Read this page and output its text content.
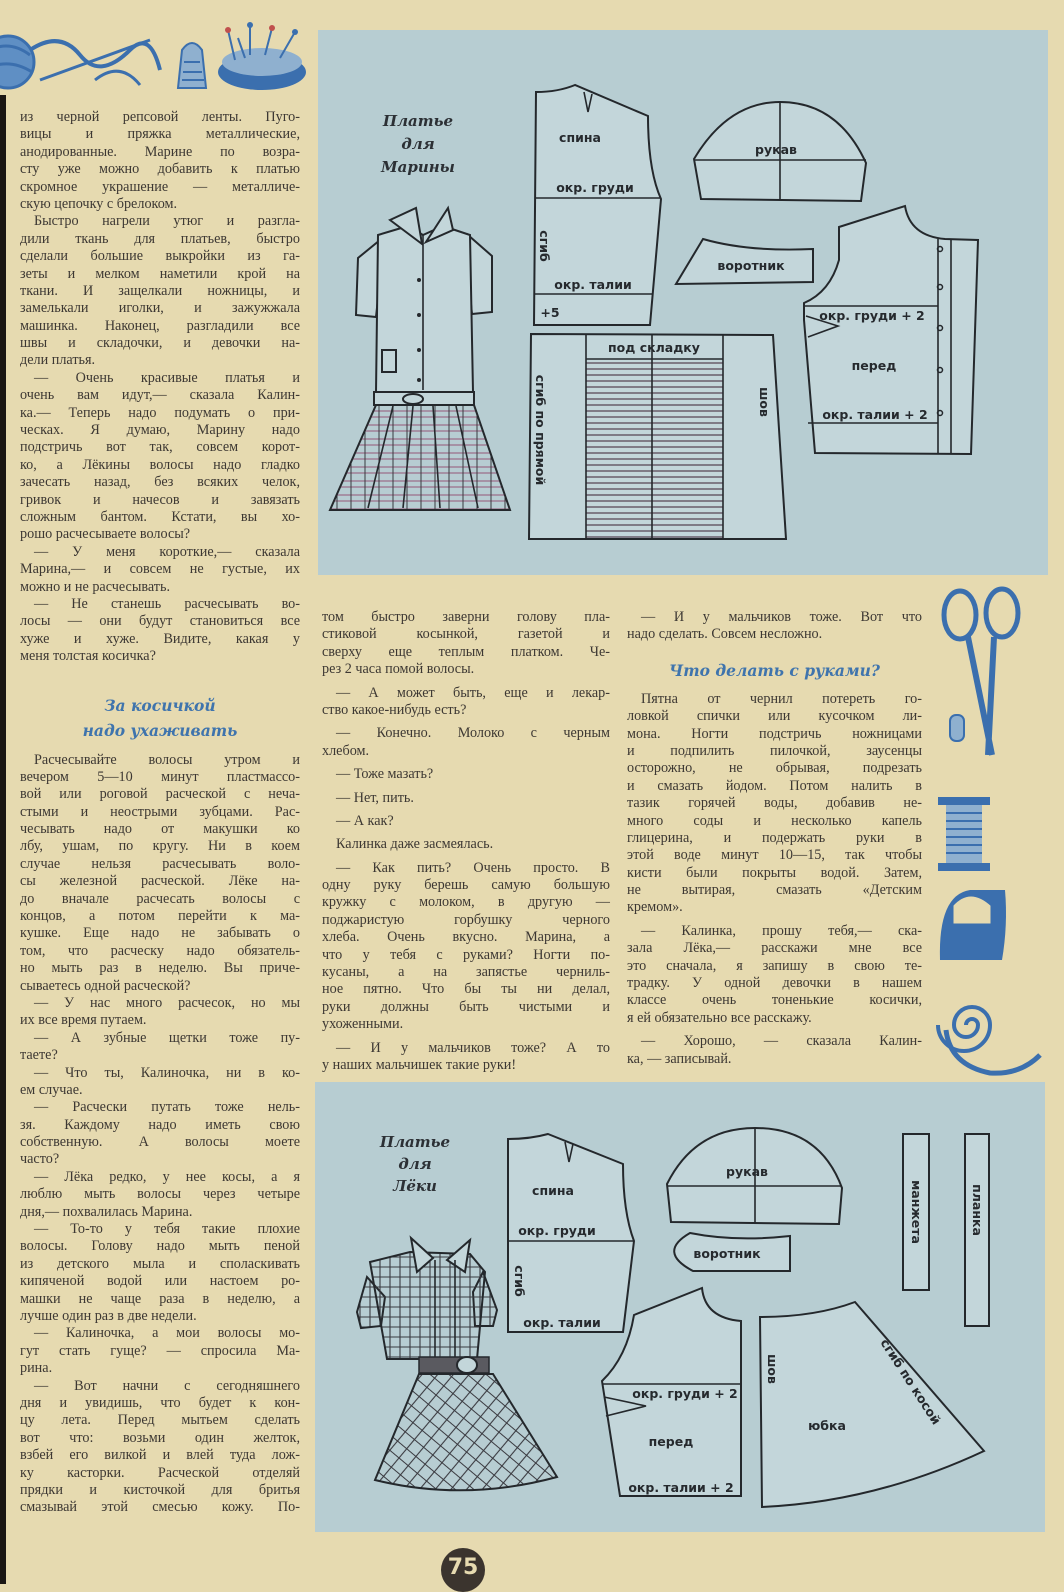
из черной репсовой ленты. Пуго-
вицы и пряжка металлические,
анодированные. Марине по возра-
сту уже можно добавить к платью
скромное украшение — металличе-
скую цепочку с брелоком.
Быстро нагрели утюг и разгла-
дили ткань для платьев, быстро
сделали большие выкройки из га-
зеты и мелком наметили крой на
ткани. И защелкали ножницы, и
замелькали иголки, и зажужжала
машинка. Наконец, разгладили все
швы и складочки, и девочки на-
дели платья.
— Очень красивые платья и
очень вам идут,— сказала Калин-
ка.— Теперь надо подумать о при-
ческах. Я думаю, Марину надо
подстричь вот так, совсем корот-
ко, а Лёкины волосы надо гладко
зачесать назад, без всяких челок,
гривок и начесов и завязать
сложным бантом. Кстати, вы хо-
рошо расчесываете волосы?
— У меня короткие,— сказала
Марина,— и совсем не густые, их
можно и не расчесывать.
— Не станешь расчесывать во-
лосы — они будут становиться все
хуже и хуже. Видите, какая у
меня толстая косичка?
За косичкой
надо ухаживать
Расчесывайте волосы утром и
вечером 5—10 минут пластмассо-
вой или роговой расческой с неча-
стыми и неострыми зубцами. Рас-
чесывать надо от макушки ко
лбу, ушам, по кругу. Ни в коем
случае нельзя расчесывать воло-
сы железной расческой. Лёке на-
до вначале расчесать волосы с
концов, а потом перейти к ма-
кушке. Еще надо не забывать о
том, что расческу надо обязатель-
но мыть раз в неделю. Вы приче-
сываетесь одной расческой?
— У нас много расчесок, но мы
их все время путаем.
— А зубные щетки тоже пу-
таете?
— Что ты, Калиночка, ни в ко-
ем случае.
— Расчески путать тоже нель-
зя. Каждому надо иметь свою
собственную. А волосы моете
часто?
— Лёка редко, у нее косы, а я
люблю мыть волосы через четыре
дня,— похвалилась Марина.
— То-то у тебя такие плохие
волосы. Голову надо мыть пеной
из детского мыла и споласкивать
кипяченой водой или настоем ро-
машки не чаще раза в неделю, а
лучше один раз в две недели.
— Калиночка, а мои волосы мо-
гут стать гуще? — спросила Ма-
рина.
— Вот начни с сегодняшнего
дня и увидишь, что будет к кон-
цу лета. Перед мытьем сделать
вот что: возьми один желток,
взбей его вилкой и влей туда лож-
ку касторки. Расческой отделяй
прядки и кисточкой для бритья
смазывай этой смесью кожу. По-
том быстро заверни голову пла-
стиковой косынкой, газетой и
сверху еще теплым платком. Че-
рез 2 часа помой волосы.
— А может быть, еще и лекар-
ство какое-нибудь есть?
— Конечно. Молоко с черным
хлебом.
— Тоже мазать?
— Нет, пить.
— А как?
Калинка даже засмеялась.
— Как пить? Очень просто. В
одну руку берешь самую большую
кружку с молоком, в другую —
поджаристую горбушку черного
хлеба. Очень вкусно. Марина, а
что у тебя с руками? Ногти по-
кусаны, а на запястье черниль-
ное пятно. Что бы ты ни делал,
руки должны быть чистыми и
ухоженными.
— И у мальчиков тоже? А то
у наших мальчишек такие руки!
— И у мальчиков тоже. Вот что
надо сделать. Совсем несложно.
Что делать с руками?
Пятна от чернил потереть го-
ловкой спички или кусочком ли-
мона. Ногти подстричь ножницами
и подпилить пилочкой, заусенцы
осторожно, не обрывая, подрезать
и смазать йодом. Потом налить в
тазик горячей воды, добавив не-
много соды и несколько капель
глицерина, и подержать руки в
этой воде минут 10—15, так чтобы
кисти были покрыты водой. Затем,
не вытирая, смазать «Детским
кремом».
— Калинка, прошу тебя,— ска-
зала Лёка,— расскажи мне все
это сначала, я запишу в свою те-
традку. У одной девочки в нашем
классе очень тоненькие косички,
я ей обязательно все расскажу.
— Хорошо, — сказала Калин-
ка, — записывай.
Платье
для
Марины
спина
окр. груди
сгиб
окр. талии
+5
под складку
сгиб по прямой	шов
рукав
воротник
окр. груди + 2
перед
окр. талии + 2
Платье
для
Лёки	спина
окр. груди
сгиб
окр. талии
рукав
воротник
манжета	планка
окр. груди + 2
перед
окр. талии + 2
шов	сгиб по косой
юбка
75
